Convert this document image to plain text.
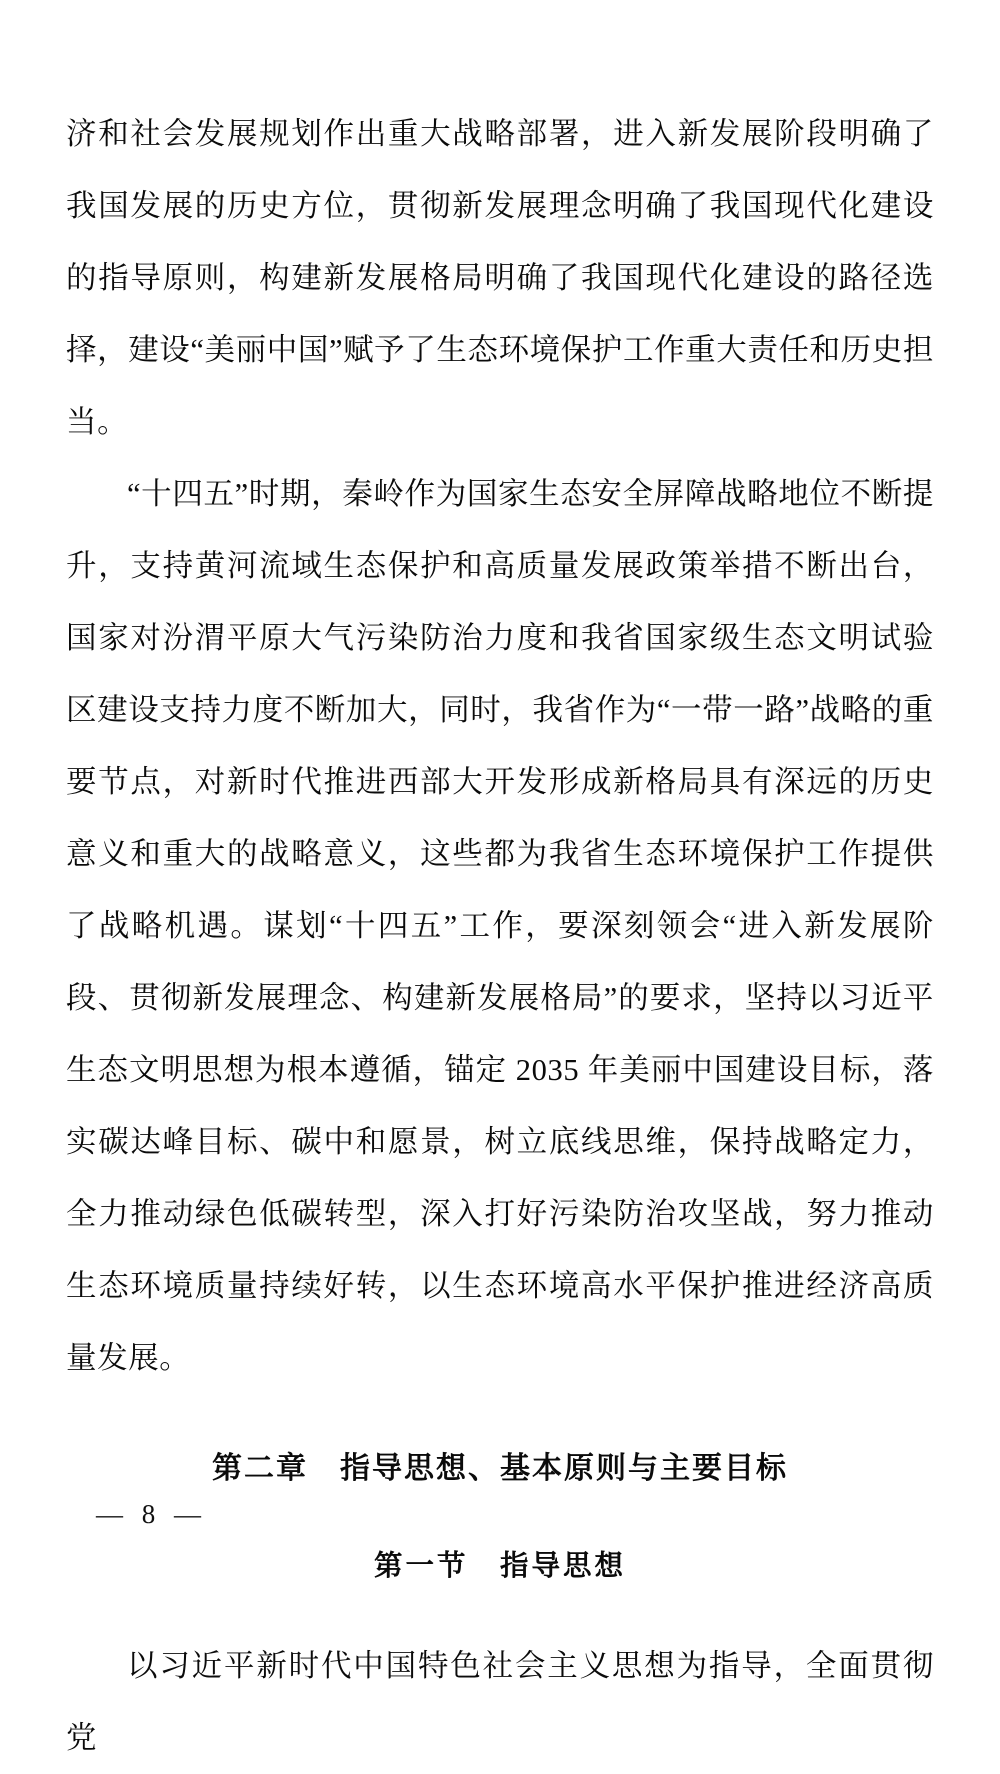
济和社会发展规划作出重大战略部署，进入新发展阶段明确了我国发展的历史方位，贯彻新发展理念明确了我国现代化建设的指导原则，构建新发展格局明确了我国现代化建设的路径选择，建设“美丽中国”赋予了生态环境保护工作重大责任和历史担当。

“十四五”时期，秦岭作为国家生态安全屏障战略地位不断提升，支持黄河流域生态保护和高质量发展政策举措不断出台，国家对汾渭平原大气污染防治力度和我省国家级生态文明试验区建设支持力度不断加大，同时，我省作为“一带一路”战略的重要节点，对新时代推进西部大开发形成新格局具有深远的历史意义和重大的战略意义，这些都为我省生态环境保护工作提供了战略机遇。谋划“十四五”工作，要深刻领会“进入新发展阶段、贯彻新发展理念、构建新发展格局”的要求，坚持以习近平生态文明思想为根本遵循，锚定 2035 年美丽中国建设目标，落实碳达峰目标、碳中和愿景，树立底线思维，保持战略定力，全力推动绿色低碳转型，深入打好污染防治攻坚战，努力推动生态环境质量持续好转，以生态环境高水平保护推进经济高质量发展。

第二章　指导思想、基本原则与主要目标
第一节　指导思想

以习近平新时代中国特色社会主义思想为指导，全面贯彻党

— 8 —
